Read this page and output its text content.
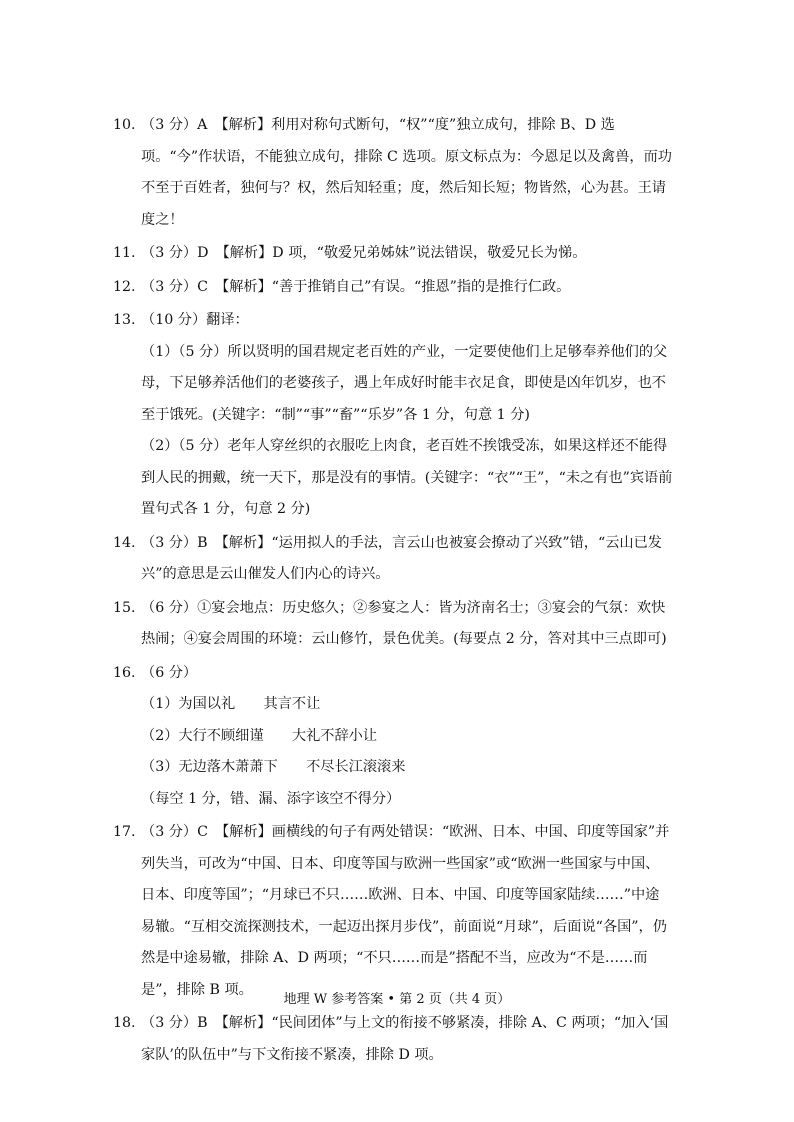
10. （3 分）A　【解析】利用对称句式断句，“权”“度”独立成句，排除 B、D 选项。“今”作状语，不能独立成句，排除 C 选项。原文标点为：今恩足以及禽兽，而功不至于百姓者，独何与？权，然后知轻重；度，然后知长短；物皆然，心为甚。王请度之！
11. （3 分）D　【解析】D 项，“敬爱兄弟姊妹”说法错误，敬爱兄长为悌。
12. （3 分）C　【解析】“善于推销自己”有误。“推恩”指的是推行仁政。
13. （10 分）翻译：
（1）（5 分）所以贤明的国君规定老百姓的产业，一定要使他们上足够奉养他们的父母，下足够养活他们的老婆孩子，遇上年成好时能丰衣足食，即使是凶年饥岁，也不至于饿死。(关键字：“制”“事”“畜”“乐岁”各 1 分，句意 1 分)
（2）（5 分）老年人穿丝织的衣服吃上肉食，老百姓不挨饿受冻，如果这样还不能得到人民的拥戴，统一天下，那是没有的事情。(关键字：“衣”“王”，“未之有也”宾语前置句式各 1 分，句意 2 分)
14. （3 分）B　【解析】“运用拟人的手法，言云山也被宴会撩动了兴致”错，“云山已发兴”的意思是云山催发人们内心的诗兴。
15. （6 分）①宴会地点：历史悠久；②参宴之人：皆为济南名士；③宴会的气氛：欢快热闹；④宴会周围的环境：云山修竹，景色优美。(每要点 2 分，答对其中三点即可)
16. （6 分）
（1）为国以礼　　其言不让
（2）大行不顾细谨　　大礼不辞小让
（3）无边落木萧萧下　　不尽长江滚滚来
（每空 1 分，错、漏、添字该空不得分）
17. （3 分）C　【解析】画横线的句子有两处错误：“欧洲、日本、中国、印度等国家”并列失当，可改为“中国、日本、印度等国与欧洲一些国家”或“欧洲一些国家与中国、日本、印度等国”；“月球已不只……欧洲、日本、中国、印度等国家陆续……”中途易辙。“互相交流探测技术，一起迈出探月步伐”，前面说“月球”，后面说“各国”，仍然是中途易辙，排除 A、D 两项；“不只……而是”搭配不当，应改为“不是……而是”，排除 B 项。
18. （3 分）B　【解析】“民间团体”与上文的衔接不够紧凑，排除 A、C 两项；“加入‘国家队’的队伍中”与下文衔接不紧凑，排除 D 项。
地理 W 参考答案 • 第 2 页（共 4 页）
